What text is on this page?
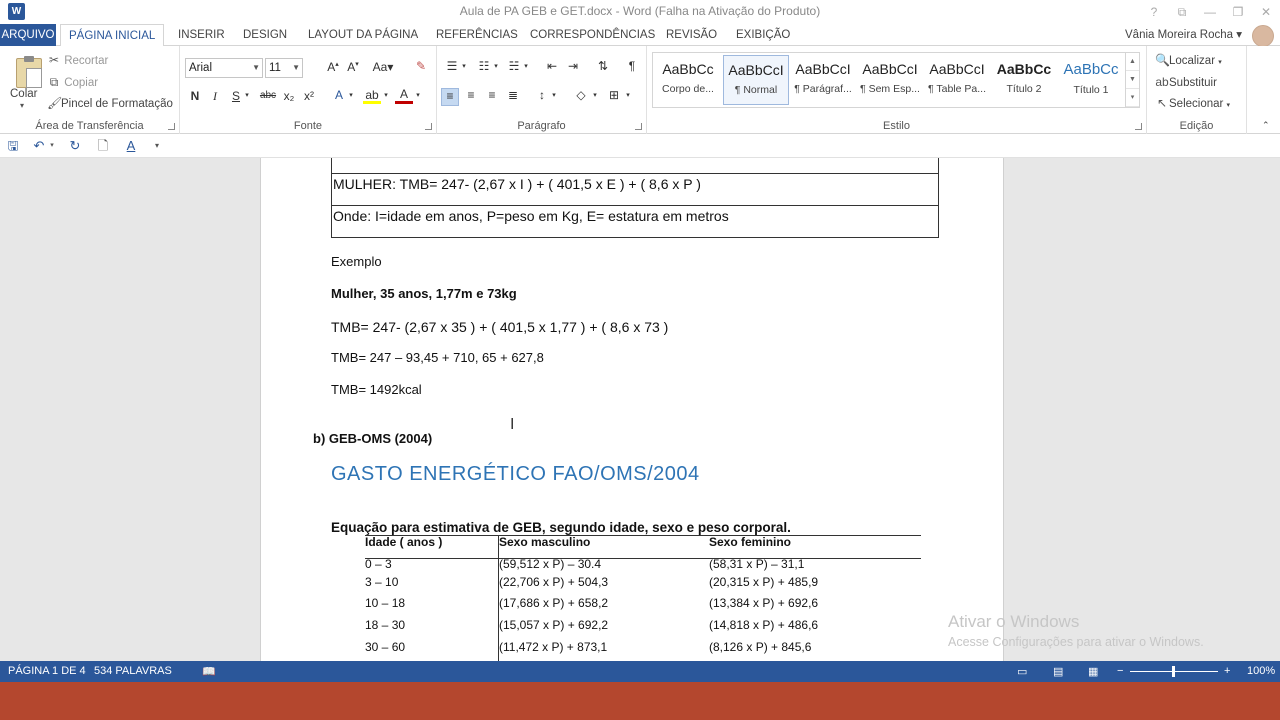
W	Aula de PA GEB e GET.docx - Word (Falha na Ativação do Produto)	?	⧉	—	❐	✕
ARQUIVO	PÁGINA INICIAL	INSERIR	DESIGN	LAYOUT DA PÁGINA	REFERÊNCIAS	CORRESPONDÊNCIAS REVISÃO	EXIBIÇÃO	Vânia Moreira Rocha ▾
Colar
▾
✂ Recortar
⧉ Copiar
🖌Pincel de Formatação
Área de Transferência
Arial	▼ 11 ▼ A▴ A▾ Aa▾	✎
N	I	S ▾	abc x₂ x²	A ▾	ab ▾	A	▾
Fonte
☰ ▾	☷ ▾ ☵ ▾	⇤ ⇥	⇅	¶
≡	≡	≡	≣	↕	▾	◇	▾	⊞	▾
Parágrafo	Estilo
AaBbCc
Corpo de...
AaBbCcI
¶ Normal
AaBbCcI
¶ Parágraf...
AaBbCcI
¶ Sem Esp...
AaBbCcI
¶ Table Pa...
AaBbCc
Título 2
AaBbCc
Título 1
▲
▼
▾
🔍Localizar ▾
abSubstituir
↖ Selecionar ▾
Edição	⌃
🖫 ↶ ▾	↻ 🗋	A	▾
MULHER: TMB= 247- (2,67 x I ) + ( 401,5 x E ) + ( 8,6 x P )
Onde: I=idade em anos, P=peso em Kg, E= estatura em metros
Exemplo
Mulher, 35 anos, 1,77m e 73kg
TMB= 247- (2,67 x 35 ) + ( 401,5 x 1,77 ) + ( 8,6 x 73 )
TMB= 247 – 93,45 + 710, 65 + 627,8
TMB= 1492kcal
b) GEB-OMS (2004)
I
GASTO ENERGÉTICO FAO/OMS/2004
Equação para estimativa de GEB, segundo idade, sexo e peso corporal.
Idade ( anos )	Sexo masculino	Sexo feminino
0 – 3	(59,512 x P) – 30.4	(58,31 x P) – 31,1
3 – 10	(22,706 x P) + 504,3	(20,315 x P) + 485,9
10 – 18	(17,686 x P) + 658,2	(13,384 x P) + 692,6
18 – 30	(15,057 x P) + 692,2	(14,818 x P) + 486,6
30 – 60	(11,472 x P) + 873,1	(8,126 x P) + 845,6
Ativar o Windows
Acesse Configurações para ativar o Windows.
PÁGINA 1 DE 4 534 PALAVRAS	📖	▭ ▤ ▦ −	+ 100%
